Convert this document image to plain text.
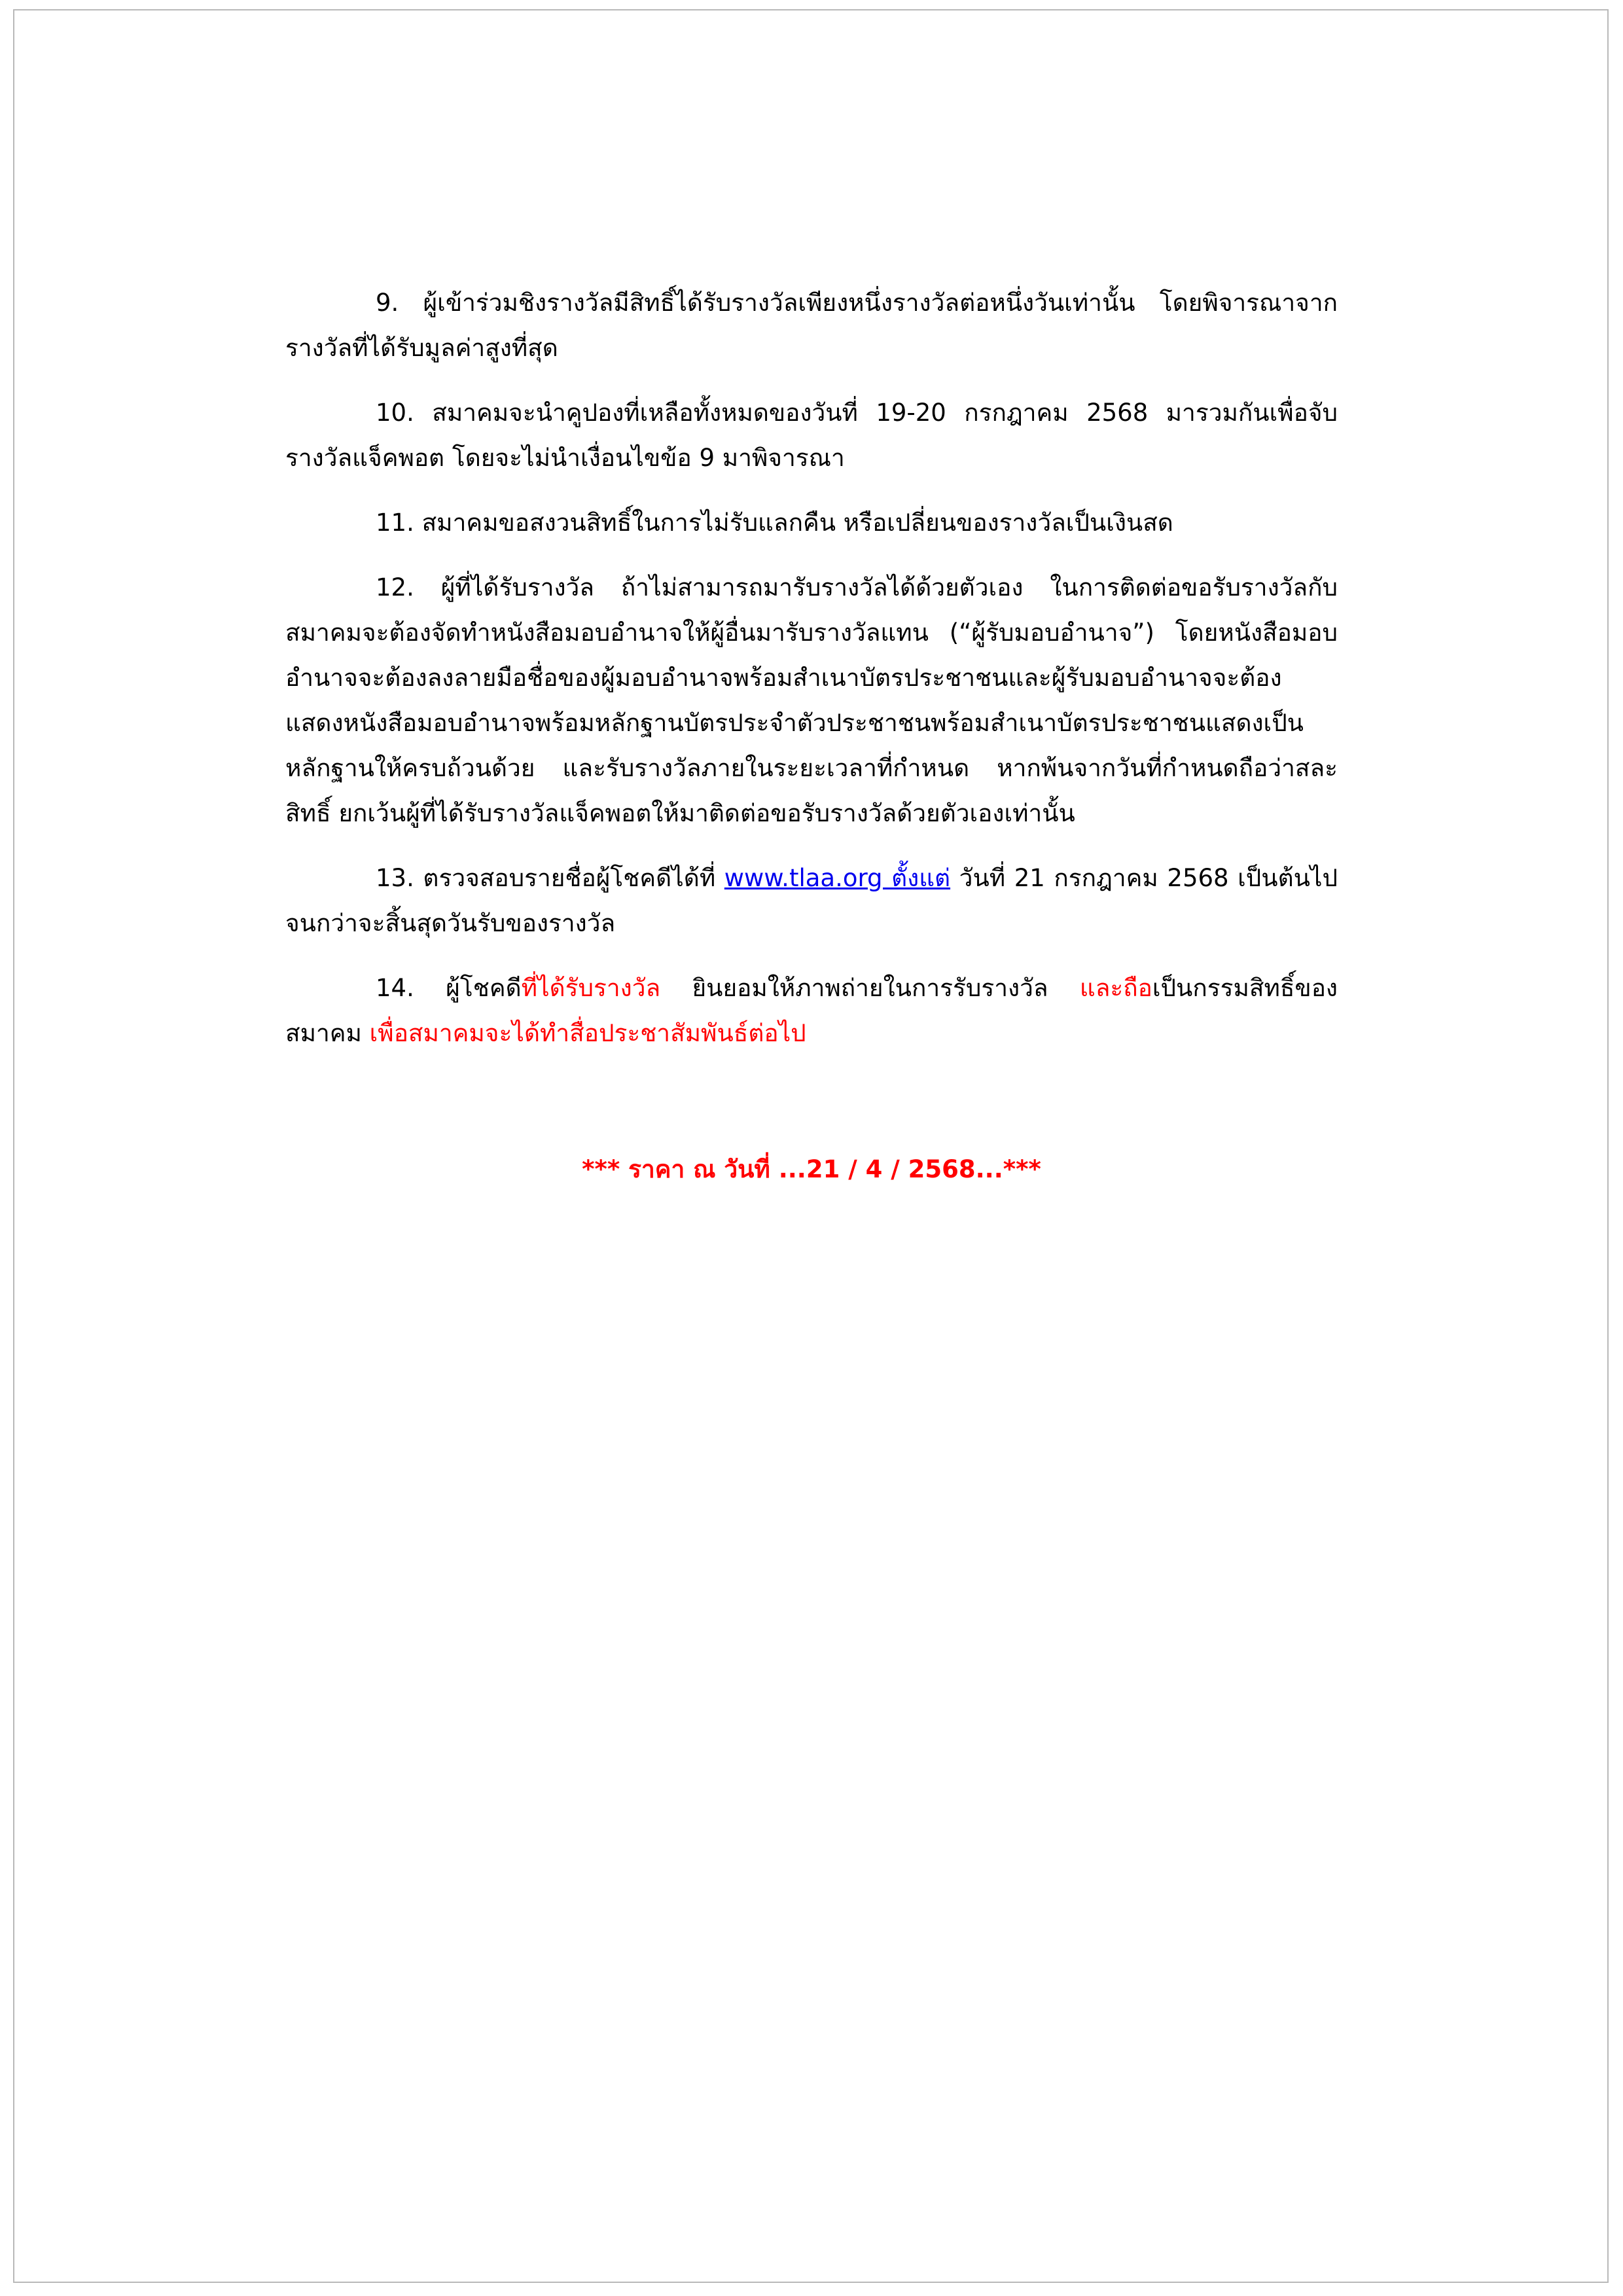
9. ผู้เข้าร่วมชิงรางวัลมีสิทธิ์ได้รับรางวัลเพียงหนึ่งรางวัลต่อหนึ่งวันเท่านั้น โดยพิจารณาจากรางวัลที่ได้รับมูลค่าสูงที่สุด

10. สมาคมจะนำคูปองที่เหลือทั้งหมดของวันที่ 19-20 กรกฎาคม 2568 มารวมกันเพื่อจับรางวัลแจ็คพอต โดยจะไม่นำเงื่อนไขข้อ 9 มาพิจารณา

11. สมาคมขอสงวนสิทธิ์ในการไม่รับแลกคืน หรือเปลี่ยนของรางวัลเป็นเงินสด

12. ผู้ที่ได้รับรางวัล ถ้าไม่สามารถมารับรางวัลได้ด้วยตัวเอง ในการติดต่อขอรับรางวัลกับสมาคมจะต้องจัดทำหนังสือมอบอำนาจให้ผู้อื่นมารับรางวัลแทน (“ผู้รับมอบอำนาจ”) โดยหนังสือมอบอำนาจจะต้องลงลายมือชื่อของผู้มอบอำนาจพร้อมสำเนาบัตรประชาชนและผู้รับมอบอำนาจจะต้องแสดงหนังสือมอบอำนาจพร้อมหลักฐานบัตรประจำตัวประชาชนพร้อมสำเนาบัตรประชาชนแสดงเป็นหลักฐานให้ครบถ้วนด้วย และรับรางวัลภายในระยะเวลาที่กำหนด หากพ้นจากวันที่กำหนดถือว่าสละสิทธิ์ ยกเว้นผู้ที่ได้รับรางวัลแจ็คพอตให้มาติดต่อขอรับรางวัลด้วยตัวเองเท่านั้น

13. ตรวจสอบรายชื่อผู้โชคดีได้ที่ www.tlaa.org ตั้งแต่ วันที่ 21 กรกฎาคม 2568 เป็นต้นไป จนกว่าจะสิ้นสุดวันรับของรางวัล

14. ผู้โชคดีที่ได้รับรางวัล ยินยอมให้ภาพถ่ายในการรับรางวัล และถือเป็นกรรมสิทธิ์ของสมาคม เพื่อสมาคมจะได้ทำสื่อประชาสัมพันธ์ต่อไป

*** ราคา ณ วันที่ ...21 / 4 / 2568...***
